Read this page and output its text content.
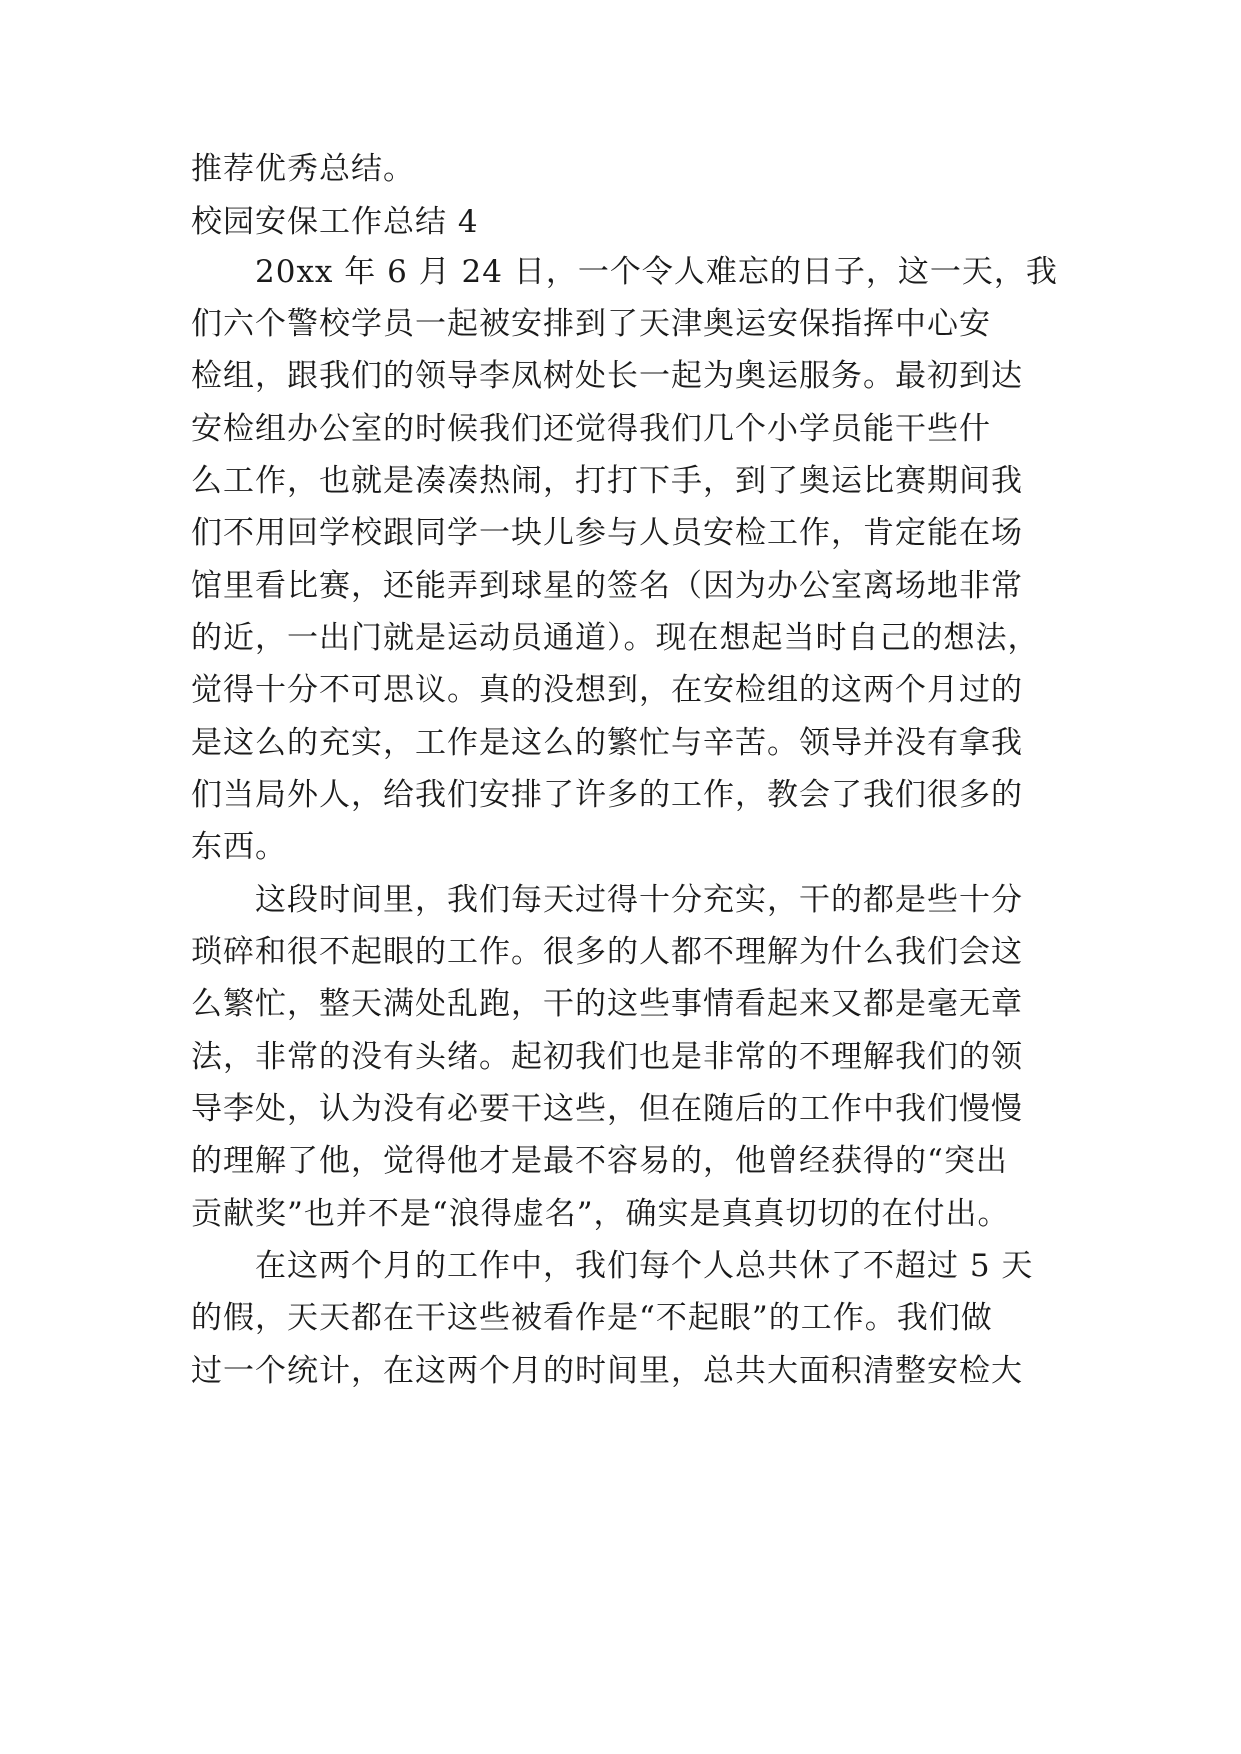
推荐优秀总结。
校园安保工作总结 4
20xx 年 6 月 24 日，一个令人难忘的日子，这一天，我
们六个警校学员一起被安排到了天津奥运安保指挥中心安
检组，跟我们的领导李凤树处长一起为奥运服务。最初到达
安检组办公室的时候我们还觉得我们几个小学员能干些什
么工作，也就是凑凑热闹，打打下手，到了奥运比赛期间我
们不用回学校跟同学一块儿参与人员安检工作，肯定能在场
馆里看比赛，还能弄到球星的签名（因为办公室离场地非常
的近，一出门就是运动员通道）。现在想起当时自己的想法，
觉得十分不可思议。真的没想到，在安检组的这两个月过的
是这么的充实，工作是这么的繁忙与辛苦。领导并没有拿我
们当局外人，给我们安排了许多的工作，教会了我们很多的
东西。
这段时间里，我们每天过得十分充实，干的都是些十分
琐碎和很不起眼的工作。很多的人都不理解为什么我们会这
么繁忙，整天满处乱跑，干的这些事情看起来又都是毫无章
法，非常的没有头绪。起初我们也是非常的不理解我们的领
导李处，认为没有必要干这些，但在随后的工作中我们慢慢
的理解了他，觉得他才是最不容易的，他曾经获得的“突出
贡献奖”也并不是“浪得虚名”，确实是真真切切的在付出。
在这两个月的工作中，我们每个人总共休了不超过 5 天
的假，天天都在干这些被看作是“不起眼”的工作。我们做
过一个统计，在这两个月的时间里，总共大面积清整安检大
